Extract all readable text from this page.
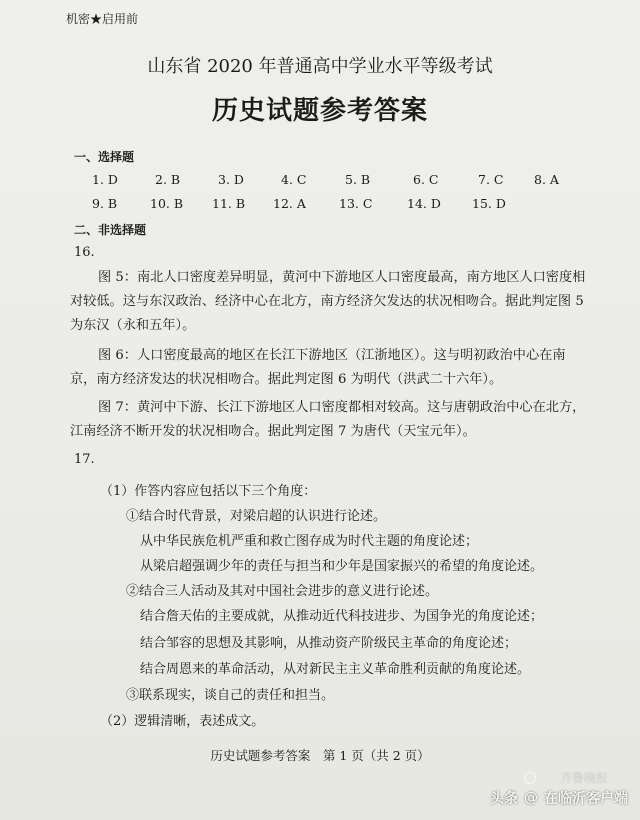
机密★启用前
山东省 2020 年普通高中学业水平等级考试
历史试题参考答案
一、选择题
1. D	2. B	3. D	4. C	5. B	6. C	7. C 8. A
9. B	10. B 11. B 12. A	13. C	14. D 15. D
二、非选择题
16.
图 5：南北人口密度差异明显，黄河中下游地区人口密度最高，南方地区人口密度相对较低。这与东汉政治、经济中心在北方，南方经济欠发达的状况相吻合。据此判定图 5 为东汉（永和五年）。
图 6：人口密度最高的地区在长江下游地区（江浙地区）。这与明初政治中心在南京，南方经济发达的状况相吻合。据此判定图 6 为明代（洪武二十六年）。
图 7：黄河中下游、长江下游地区人口密度都相对较高。这与唐朝政治中心在北方，江南经济不断开发的状况相吻合。据此判定图 7 为唐代（天宝元年）。
17.
（1）作答内容应包括以下三个角度：
①结合时代背景，对梁启超的认识进行论述。
从中华民族危机严重和救亡图存成为时代主题的角度论述；
从梁启超强调少年的责任与担当和少年是国家振兴的希望的角度论述。
②结合三人活动及其对中国社会进步的意义进行论述。
结合詹天佑的主要成就，从推动近代科技进步、为国争光的角度论述；
结合邹容的思想及其影响，从推动资产阶级民主革命的角度论述；
结合周恩来的革命活动，从对新民主主义革命胜利贡献的角度论述。
③联系现实，谈自己的责任和担当。
（2）逻辑清晰，表述成文。
历史试题参考答案　第 1 页（共 2 页）
齐鲁晚报
头条 @ 在临沂客户端
